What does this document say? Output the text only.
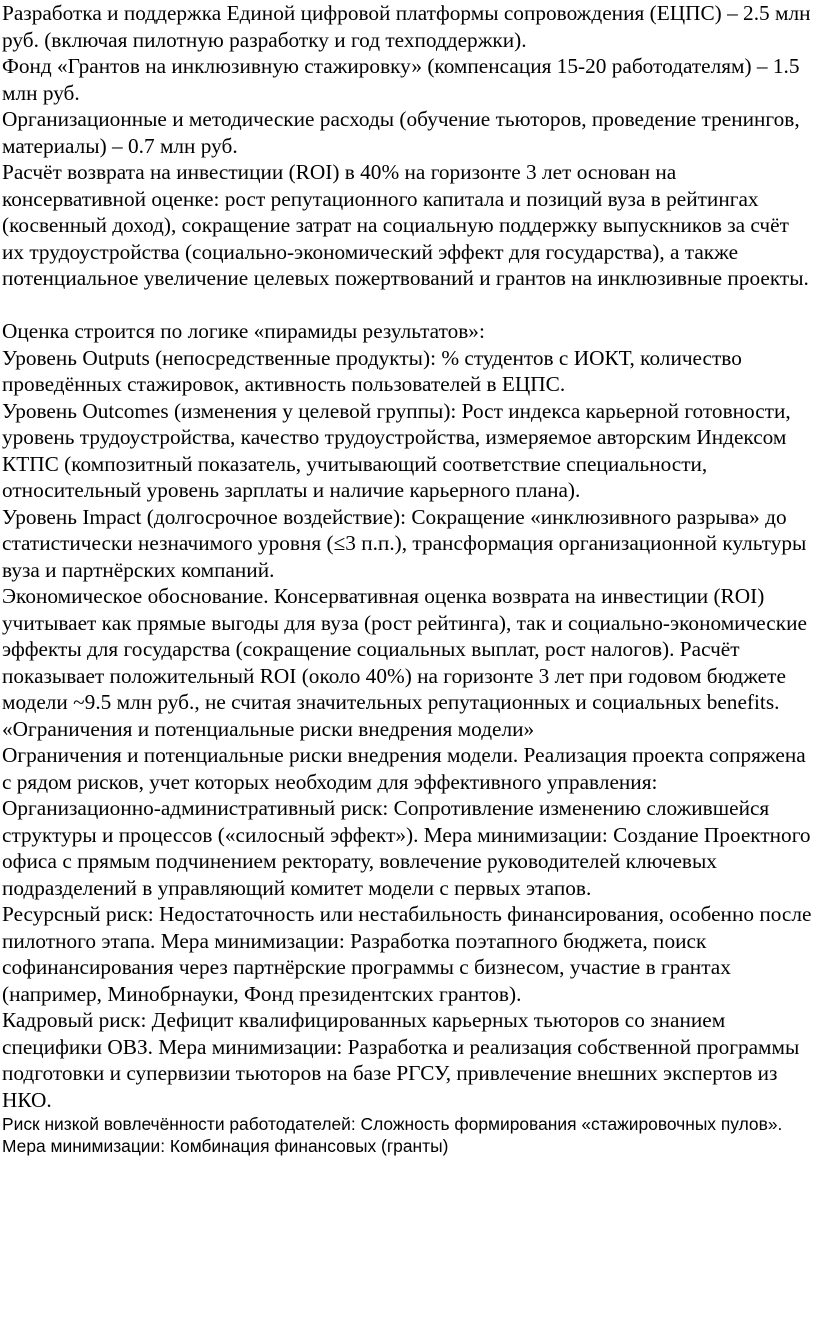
Разработка и поддержка Единой цифровой платформы сопровождения (ЕЦПС) – 2.5 млн руб. (включая пилотную разработку и год техподдержки).

Фонд «Грантов на инклюзивную стажировку» (компенсация 15-20 работодателям) – 1.5 млн руб.

Организационные и методические расходы (обучение тьюторов, проведение тренингов, материалы) – 0.7 млн руб.

Расчёт возврата на инвестиции (ROI) в 40% на горизонте 3 лет основан на консервативной оценке: рост репутационного капитала и позиций вуза в рейтингах (косвенный доход), сокращение затрат на социальную поддержку выпускников за счёт их трудоустройства (социально-экономический эффект для государства), а также потенциальное увеличение целевых пожертвований и грантов на инклюзивные проекты.

Оценка строится по логике «пирамиды результатов»:

Уровень Outputs (непосредственные продукты): % студентов с ИОКТ, количество проведённых стажировок, активность пользователей в ЕЦПС.

Уровень Outcomes (изменения у целевой группы): Рост индекса карьерной готовности, уровень трудоустройства, качество трудоустройства, измеряемое авторским Индексом КТПС (композитный показатель, учитывающий соответствие специальности, относительный уровень зарплаты и наличие карьерного плана).

Уровень Impact (долгосрочное воздействие): Сокращение «инклюзивного разрыва» до статистически незначимого уровня (≤3 п.п.), трансформация организационной культуры вуза и партнёрских компаний.

Экономическое обоснование. Консервативная оценка возврата на инвестиции (ROI) учитывает как прямые выгоды для вуза (рост рейтинга), так и социально-экономические эффекты для государства (сокращение социальных выплат, рост налогов). Расчёт показывает положительный ROI (около 40%) на горизонте 3 лет при годовом бюджете модели ~9.5 млн руб., не считая значительных репутационных и социальных benefits.

«Ограничения и потенциальные риски внедрения модели»

Ограничения и потенциальные риски внедрения модели. Реализация проекта сопряжена с рядом рисков, учет которых необходим для эффективного управления:

Организационно-административный риск: Сопротивление изменению сложившейся структуры и процессов («силосный эффект»). Мера минимизации: Создание Проектного офиса с прямым подчинением ректорату, вовлечение руководителей ключевых подразделений в управляющий комитет модели с первых этапов.

Ресурсный риск: Недостаточность или нестабильность финансирования, особенно после пилотного этапа. Мера минимизации: Разработка поэтапного бюджета, поиск софинансирования через партнёрские программы с бизнесом, участие в грантах (например, Минобрнауки, Фонд президентских грантов).

Кадровый риск: Дефицит квалифицированных карьерных тьюторов со знанием специфики ОВЗ. Мера минимизации: Разработка и реализация собственной программы подготовки и супервизии тьюторов на базе РГСУ, привлечение внешних экспертов из НКО.

Риск низкой вовлечённости работодателей: Сложность формирования «стажировочных пулов». Мера минимизации: Комбинация финансовых (гранты)
